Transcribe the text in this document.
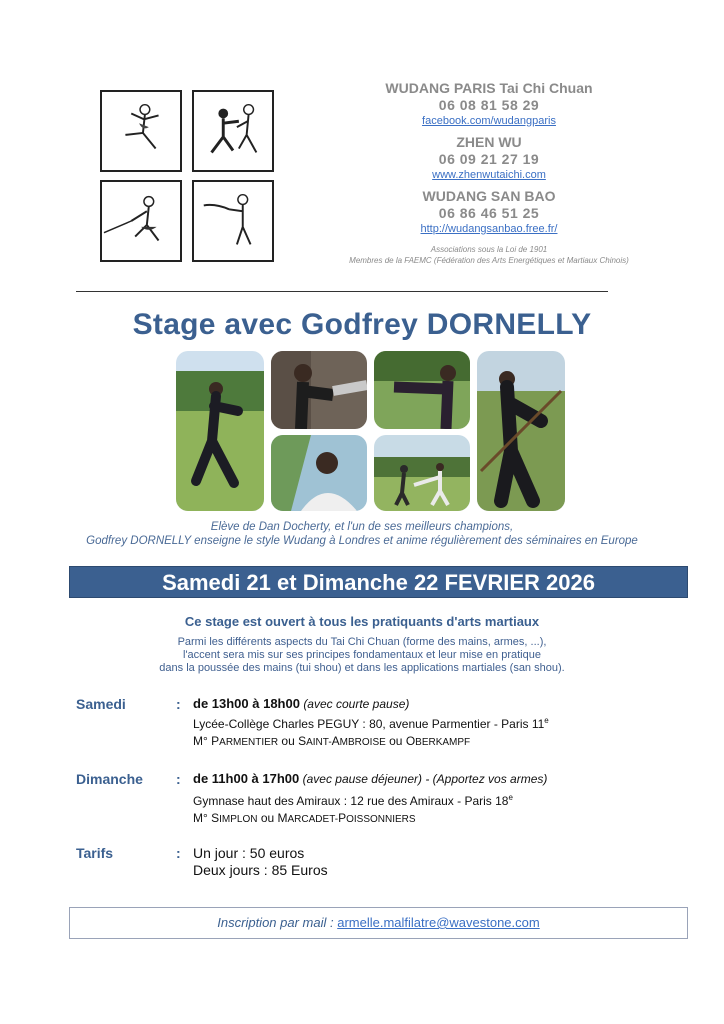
WUDANG PARIS Tai Chi Chuan
06 08 81 58 29
facebook.com/wudangparis
ZHEN WU
06 09 21 27 19
www.zhenwutaichi.com
WUDANG SAN BAO
06 86 46 51 25
http://wudangsanbao.free.fr/
Associations sous la Loi de 1901
Membres de la FAEMC (Fédération des Arts Energétiques et Martiaux Chinois)
Stage avec Godfrey DORNELLY
Elève de Dan Docherty, et l'un de ses meilleurs champions,
Godfrey DORNELLY enseigne le style Wudang à Londres et anime régulièrement des séminaires en Europe
Samedi 21 et Dimanche 22 FEVRIER 2026
Ce stage est ouvert à tous les pratiquants d'arts martiaux
Parmi les différents aspects du Tai Chi Chuan (forme des mains, armes, ...),
l'accent sera mis sur ses principes fondamentaux et leur mise en pratique
dans la poussée des mains (tui shou) et dans les applications martiales (san shou).
Samedi	: de 13h00 à 18h00 (avec courte pause)
Lycée-Collège Charles PEGUY : 80, avenue Parmentier - Paris 11e
M° PARMENTIER ou SAINT-AMBROISE ou OBERKAMPF
Dimanche : de 11h00 à 17h00 (avec pause déjeuner) - (Apportez vos armes)
Gymnase haut des Amiraux : 12 rue des Amiraux - Paris 18e
M° SIMPLON ou MARCADET-POISSONNIERS
Tarifs	: Un jour : 50 euros
Deux jours : 85 Euros
Inscription par mail : armelle.malfilatre@wavestone.com
